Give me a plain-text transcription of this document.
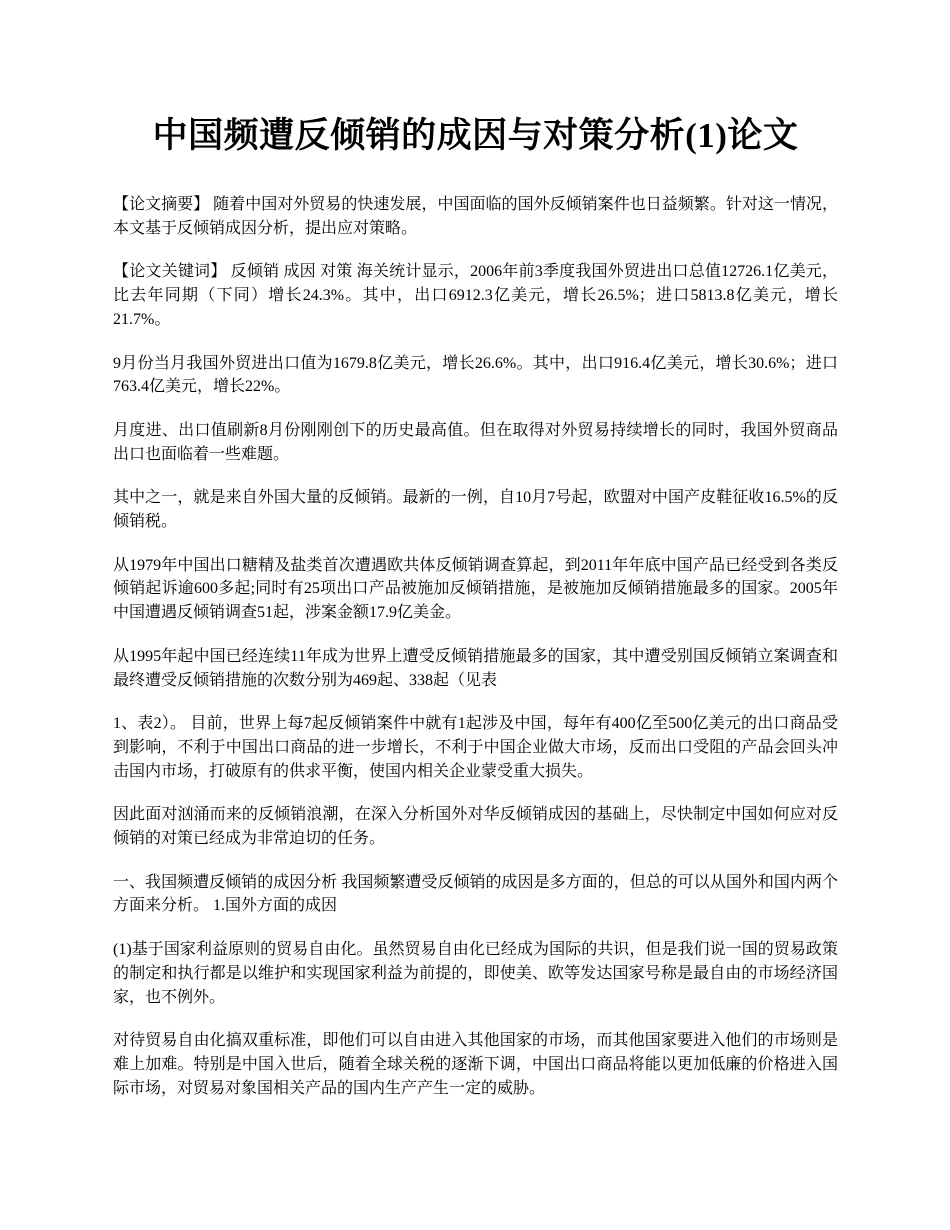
中国频遭反倾销的成因与对策分析(1)论文

【论文摘要】 随着中国对外贸易的快速发展，中国面临的国外反倾销案件也日益频繁。针对这一情况，本文基于反倾销成因分析，提出应对策略。

【论文关键词】 反倾销 成因 对策 海关统计显示，2006年前3季度我国外贸进出口总值12726.1亿美元，比去年同期（下同）增长24.3%。其中，出口6912.3亿美元，增长26.5%；进口5813.8亿美元，增长21.7%。

9月份当月我国外贸进出口值为1679.8亿美元，增长26.6%。其中，出口916.4亿美元，增长30.6%；进口763.4亿美元，增长22%。

月度进、出口值刷新8月份刚刚创下的历史最高值。但在取得对外贸易持续增长的同时，我国外贸商品出口也面临着一些难题。

其中之一，就是来自外国大量的反倾销。最新的一例，自10月7号起，欧盟对中国产皮鞋征收16.5%的反倾销税。

从1979年中国出口糖精及盐类首次遭遇欧共体反倾销调查算起，到2011年年底中国产品已经受到各类反倾销起诉逾600多起;同时有25项出口产品被施加反倾销措施，是被施加反倾销措施最多的国家。2005年中国遭遇反倾销调查51起，涉案金额17.9亿美金。

从1995年起中国已经连续11年成为世界上遭受反倾销措施最多的国家，其中遭受别国反倾销立案调查和最终遭受反倾销措施的次数分别为469起、338起（见表

1、表2）。 目前，世界上每7起反倾销案件中就有1起涉及中国，每年有400亿至500亿美元的出口商品受到影响，不利于中国出口商品的进一步增长，不利于中国企业做大市场，反而出口受阻的产品会回头冲击国内市场，打破原有的供求平衡，使国内相关企业蒙受重大损失。

因此面对汹涌而来的反倾销浪潮，在深入分析国外对华反倾销成因的基础上，尽快制定中国如何应对反倾销的对策已经成为非常迫切的任务。

一、我国频遭反倾销的成因分析 我国频繁遭受反倾销的成因是多方面的，但总的可以从国外和国内两个方面来分析。 1.国外方面的成因

(1)基于国家利益原则的贸易自由化。虽然贸易自由化已经成为国际的共识，但是我们说一国的贸易政策的制定和执行都是以维护和实现国家利益为前提的，即使美、欧等发达国家号称是最自由的市场经济国家，也不例外。

对待贸易自由化搞双重标准，即他们可以自由进入其他国家的市场，而其他国家要进入他们的市场则是难上加难。特别是中国入世后，随着全球关税的逐渐下调，中国出口商品将能以更加低廉的价格进入国际市场，对贸易对象国相关产品的国内生产产生一定的威胁。
